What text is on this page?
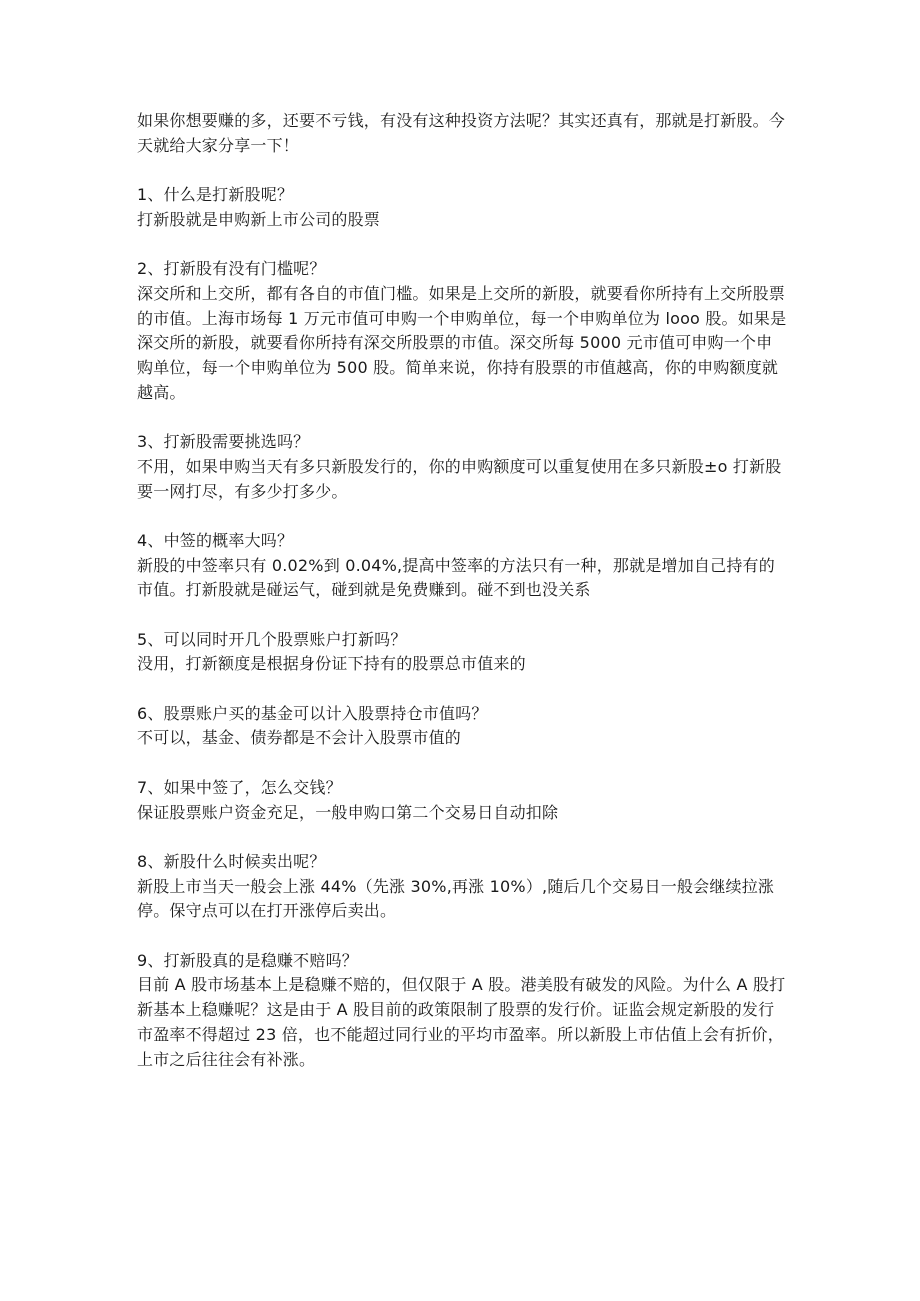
如果你想要赚的多，还要不亏钱，有没有这种投资方法呢？其实还真有，那就是打新股。今天就给大家分享一下！

1、什么是打新股呢？

打新股就是申购新上市公司的股票

2、打新股有没有门槛呢？

深交所和上交所，都有各自的市值门槛。如果是上交所的新股，就要看你所持有上交所股票的市值。上海市场每 1 万元市值可申购一个申购单位，每一个申购单位为 looo 股。如果是深交所的新股，就要看你所持有深交所股票的市值。深交所每 5000 元市值可申购一个申购单位，每一个申购单位为 500 股。简单来说，你持有股票的市值越高，你的申购额度就越高。

3、打新股需要挑选吗？

不用，如果申购当天有多只新股发行的，你的申购额度可以重复使用在多只新股±o 打新股要一网打尽，有多少打多少。

4、中签的概率大吗？

新股的中签率只有 0.02%到 0.04%,提高中签率的方法只有一种，那就是增加自己持有的市值。打新股就是碰运气，碰到就是免费赚到。碰不到也没关系

5、可以同时开几个股票账户打新吗？

没用，打新额度是根据身份证下持有的股票总市值来的

6、股票账户买的基金可以计入股票持仓市值吗？

不可以，基金、债券都是不会计入股票市值的

7、如果中签了，怎么交钱？

保证股票账户资金充足，一般申购口第二个交易日自动扣除

8、新股什么时候卖出呢？

新股上市当天一般会上涨 44%（先涨 30%,再涨 10%）,随后几个交易日一般会继续拉涨停。保守点可以在打开涨停后卖出。

9、打新股真的是稳赚不赔吗？

目前 A 股市场基本上是稳赚不赔的，但仅限于 A 股。港美股有破发的风险。为什么 A 股打新基本上稳赚呢？这是由于 A 股目前的政策限制了股票的发行价。证监会规定新股的发行市盈率不得超过 23 倍，也不能超过同行业的平均市盈率。所以新股上市估值上会有折价，上市之后往往会有补涨。
